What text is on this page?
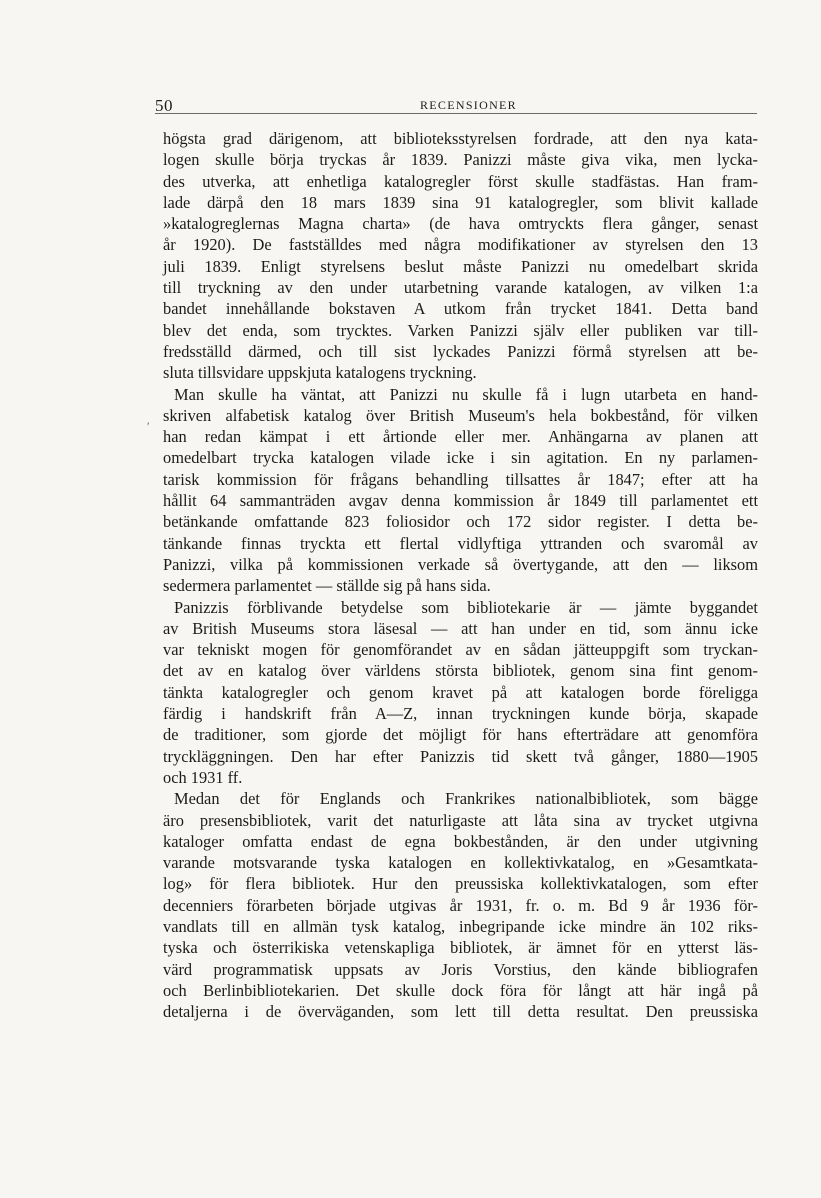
50	RECENSIONER
′
högsta grad därigenom, att biblioteksstyrelsen fordrade, att den nya kata-
logen skulle börja tryckas år 1839. Panizzi måste giva vika, men lycka-
des utverka, att enhetliga katalogregler först skulle stadfästas. Han fram-
lade därpå den 18 mars 1839 sina 91 katalogregler, som blivit kallade
»katalogreglernas Magna charta» (de hava omtryckts flera gånger, senast
år 1920). De fastställdes med några modifikationer av styrelsen den 13
juli 1839. Enligt styrelsens beslut måste Panizzi nu omedelbart skrida
till tryckning av den under utarbetning varande katalogen, av vilken 1:a
bandet innehållande bokstaven A utkom från trycket 1841. Detta band
blev det enda, som trycktes. Varken Panizzi själv eller publiken var till-
fredsställd därmed, och till sist lyckades Panizzi förmå styrelsen att be-
sluta tillsvidare uppskjuta katalogens tryckning.
Man skulle ha väntat, att Panizzi nu skulle få i lugn utarbeta en hand-
skriven alfabetisk katalog över British Museum's hela bokbestånd, för vilken
han redan kämpat i ett årtionde eller mer. Anhängarna av planen att
omedelbart trycka katalogen vilade icke i sin agitation. En ny parlamen-
tarisk kommission för frågans behandling tillsattes år 1847; efter att ha
hållit 64 sammanträden avgav denna kommission år 1849 till parlamentet ett
betänkande omfattande 823 foliosidor och 172 sidor register. I detta be-
tänkande finnas tryckta ett flertal vidlyftiga yttranden och svaromål av
Panizzi, vilka på kommissionen verkade så övertygande, att den — liksom
sedermera parlamentet — ställde sig på hans sida.
Panizzis förblivande betydelse som bibliotekarie är — jämte byggandet
av British Museums stora läsesal — att han under en tid, som ännu icke
var tekniskt mogen för genomförandet av en sådan jätteuppgift som tryckan-
det av en katalog över världens största bibliotek, genom sina fint genom-
tänkta katalogregler och genom kravet på att katalogen borde föreligga
färdig i handskrift från A—Z, innan tryckningen kunde börja, skapade
de traditioner, som gjorde det möjligt för hans efterträdare att genomföra
tryckläggningen. Den har efter Panizzis tid skett två gånger, 1880—1905
och 1931 ff.
Medan det för Englands och Frankrikes nationalbibliotek, som bägge
äro presensbibliotek, varit det naturligaste att låta sina av trycket utgivna
kataloger omfatta endast de egna bokbestånden, är den under utgivning
varande motsvarande tyska katalogen en kollektivkatalog, en »Gesamtkata-
log» för flera bibliotek. Hur den preussiska kollektivkatalogen, som efter
decenniers förarbeten började utgivas år 1931, fr. o. m. Bd 9 år 1936 för-
vandlats till en allmän tysk katalog, inbegripande icke mindre än 102 riks-
tyska och österrikiska vetenskapliga bibliotek, är ämnet för en ytterst läs-
värd programmatisk uppsats av Joris Vorstius, den kände bibliografen
och Berlinbibliotekarien. Det skulle dock föra för långt att här ingå på
detaljerna i de överväganden, som lett till detta resultat. Den preussiska
